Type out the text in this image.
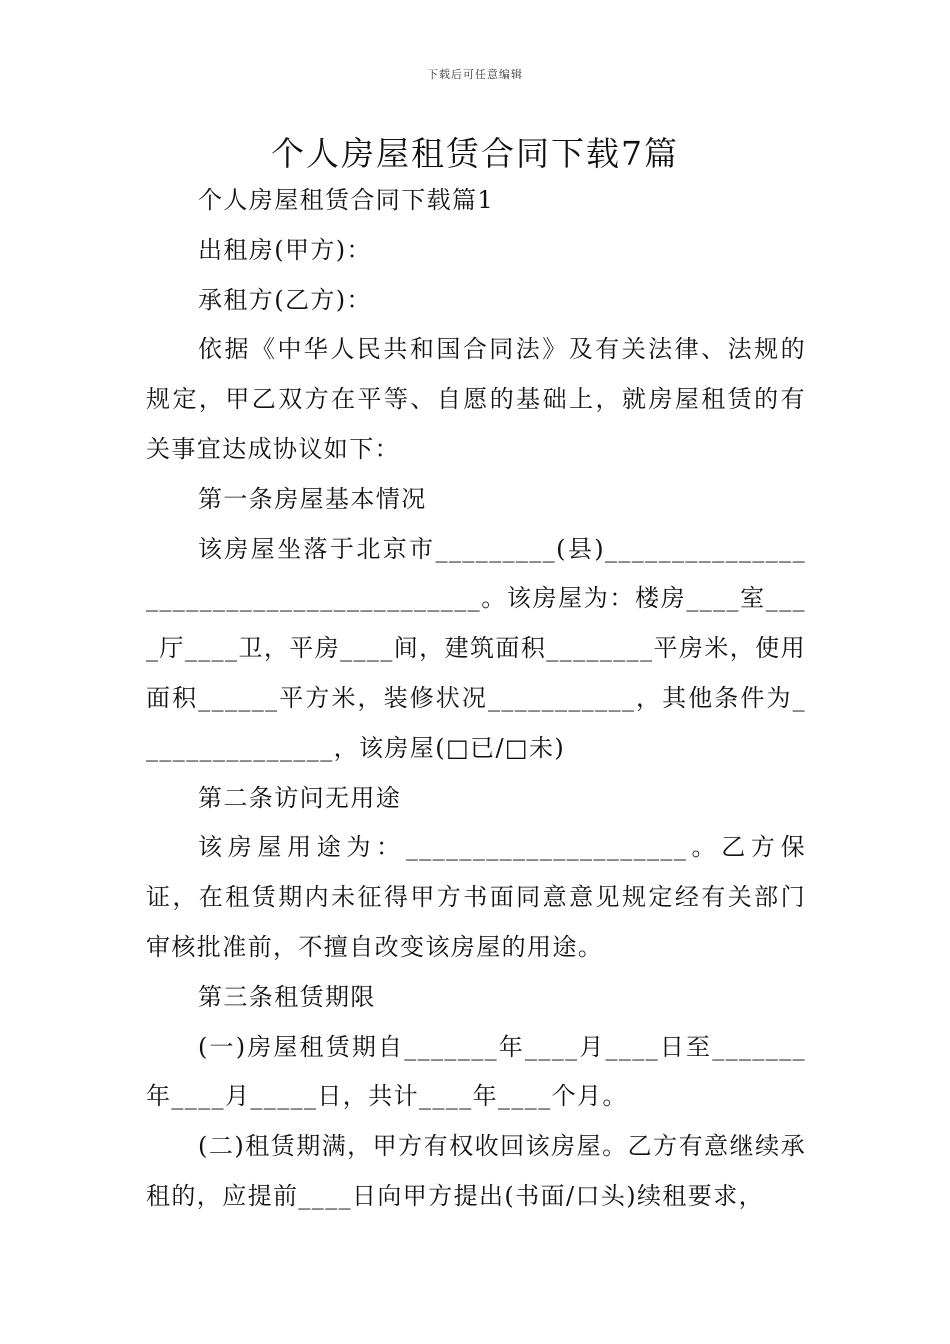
下载后可任意编辑
个人房屋租赁合同下载7篇

个人房屋租赁合同下载篇1

出租房(甲方)：

承租方(乙方)：

依据《中华人民共和国合同法》及有关法律、法规的规定，甲乙双方在平等、自愿的基础上，就房屋租赁的有关事宜达成协议如下：

第一条房屋基本情况

该房屋坐落于北京市_________(县)________________________________________。该房屋为：楼房____室____厅____卫，平房____间，建筑面积________平房米，使用面积______平方米，装修状况___________，其他条件为_______________，该房屋(□已/□未)

第二条访问无用途

该房屋用途为：_____________________。乙方保证，在租赁期内未征得甲方书面同意意见规定经有关部门审核批准前，不擅自改变该房屋的用途。

第三条租赁期限

(一)房屋租赁期自_______年____月____日至_______年____月_____日，共计____年____个月。

(二)租赁期满，甲方有权收回该房屋。乙方有意继续承租的，应提前____日向甲方提出(书面/口头)续租要求，
